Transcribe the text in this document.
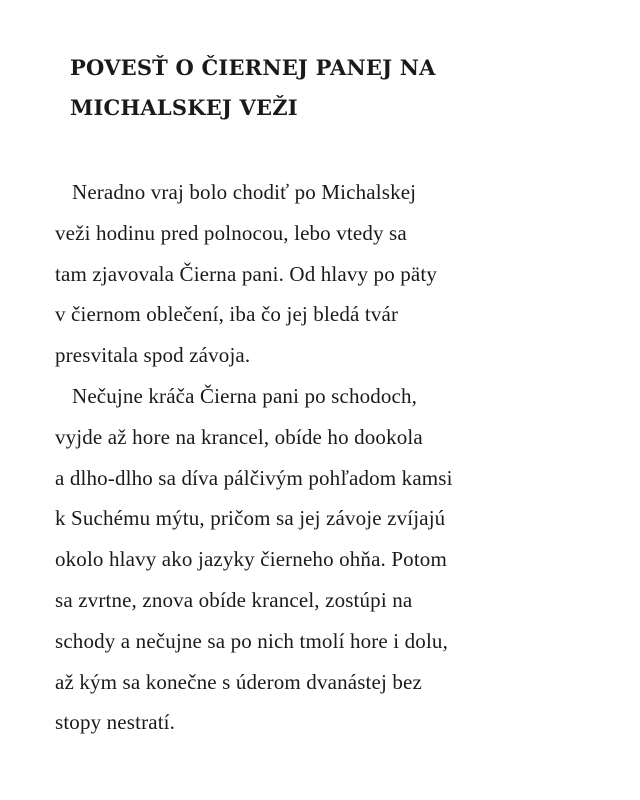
POVESŤ O ČIERNEJ PANEJ NA
MICHALSKEJ VEŽI
Neradno vraj bolo chodiť po Michalskej
veži hodinu pred polnocou, lebo vtedy sa
tam zjavovala Čierna pani. Od hlavy po päty
v čiernom oblečení, iba čo jej bledá tvár
presvitala spod závoja.
Nečujne kráča Čierna pani po schodoch,
vyjde až hore na krancel, obíde ho dookola
a dlho-dlho sa díva pálčivým pohľadom kamsi
k Suchému mýtu, pričom sa jej závoje zvíjajú
okolo hlavy ako jazyky čierneho ohňa. Potom
sa zvrtne, znova obíde krancel, zostúpi na
schody a nečujne sa po nich tmolí hore i dolu,
až kým sa konečne s úderom dvanástej bez
stopy nestratí.
